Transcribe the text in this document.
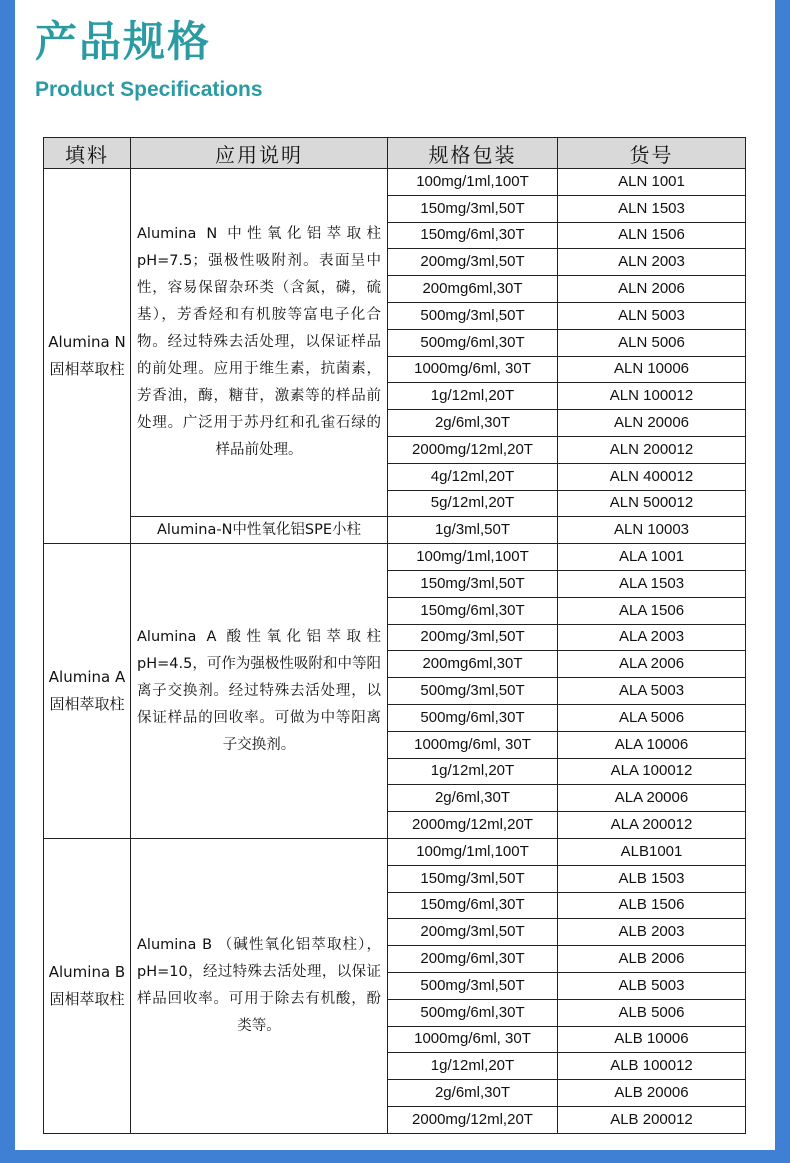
产品规格
Product Specifications
填料	应用说明	规格包装	货号

Alumina N
固相萃取柱	Alumina N 中性氧化铝萃取柱pH=7.5；强极性吸附剂。表面呈中性，容易保留杂环类（含氮，磷，硫基），芳香烃和有机胺等富电子化合物。经过特殊去活处理，以保证样品的前处理。应用于维生素，抗菌素，芳香油，酶，糖苷，激素等的样品前处理。广泛用于苏丹红和孔雀石绿的样品前处理。	100mg/1ml,100T	ALN 1001
		150mg/3ml,50T	ALN 1503
		150mg/6ml,30T	ALN 1506
		200mg/3ml,50T	ALN 2003
		200mg6ml,30T	ALN 2006
		500mg/3ml,50T	ALN 5003
		500mg/6ml,30T	ALN 5006
		1000mg/6ml, 30T	ALN 10006
		1g/12ml,20T	ALN 100012
		2g/6ml,30T	ALN 20006
		2000mg/12ml,20T	ALN 200012
		4g/12ml,20T	ALN 400012
		5g/12ml,20T	ALN 500012
	Alumina-N中性氧化铝SPE小柱	1g/3ml,50T	ALN 10003

Alumina A
固相萃取柱	Alumina A 酸性氧化铝萃取柱pH=4.5，可作为强极性吸附和中等阳离子交换剂。经过特殊去活处理，以保证样品的回收率。可做为中等阳离子交换剂。	100mg/1ml,100T	ALA 1001
		150mg/3ml,50T	ALA 1503
		150mg/6ml,30T	ALA 1506
		200mg/3ml,50T	ALA 2003
		200mg6ml,30T	ALA 2006
		500mg/3ml,50T	ALA 5003
		500mg/6ml,30T	ALA 5006
		1000mg/6ml, 30T	ALA 10006
		1g/12ml,20T	ALA 100012
		2g/6ml,30T	ALA 20006
		2000mg/12ml,20T	ALA 200012

Alumina B
固相萃取柱	Alumina B （碱性氧化铝萃取柱），pH=10，经过特殊去活处理，以保证样品回收率。可用于除去有机酸，酚类等。	100mg/1ml,100T	ALB1001
		150mg/3ml,50T	ALB 1503
		150mg/6ml,30T	ALB 1506
		200mg/3ml,50T	ALB 2003
		200mg/6ml,30T	ALB 2006
		500mg/3ml,50T	ALB 5003
		500mg/6ml,30T	ALB 5006
		1000mg/6ml, 30T	ALB 10006
		1g/12ml,20T	ALB 100012
		2g/6ml,30T	ALB 20006
		2000mg/12ml,20T	ALB 200012
